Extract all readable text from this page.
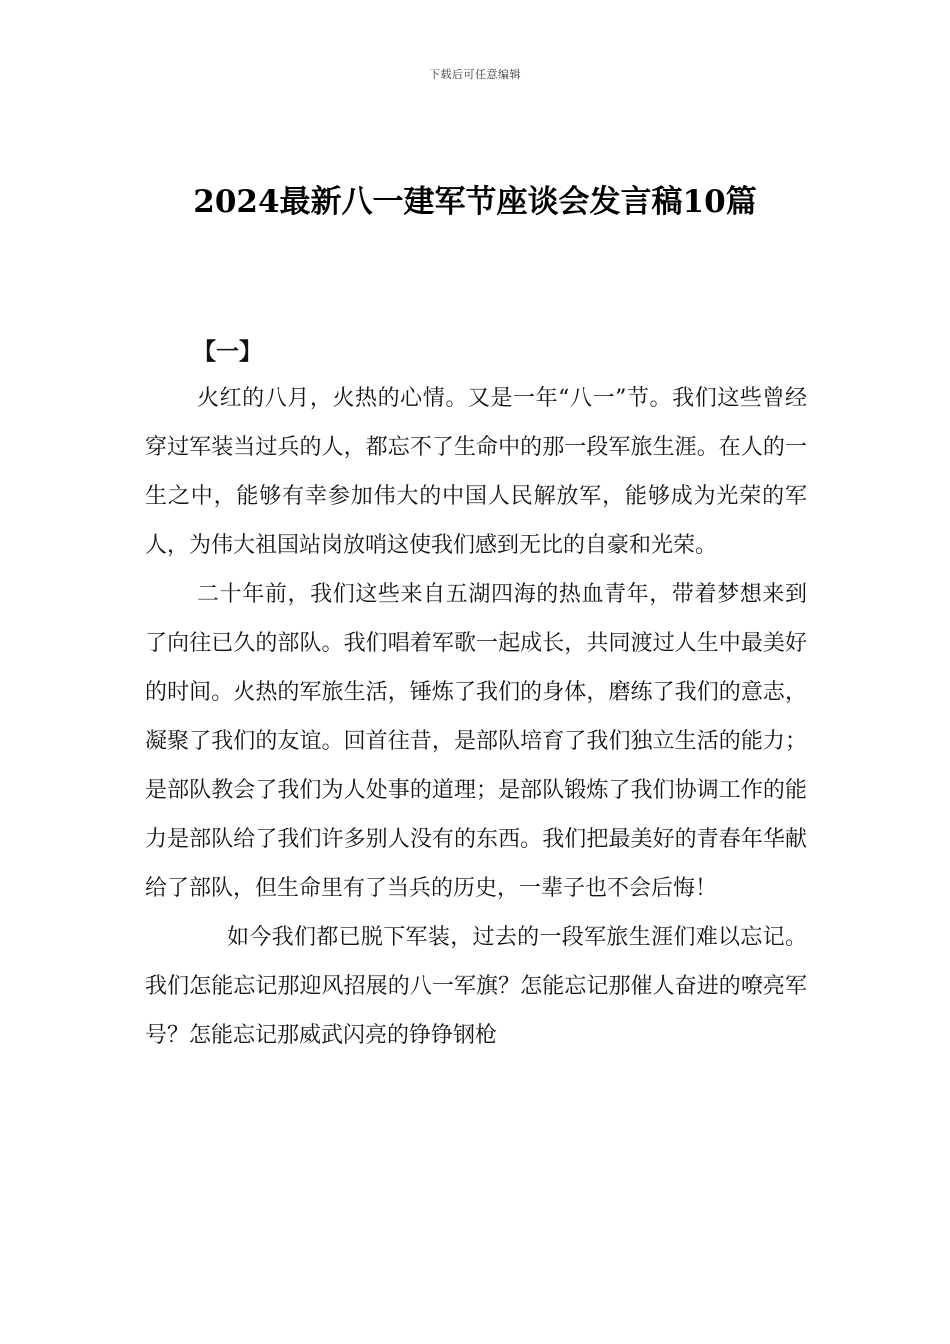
下载后可任意编辑
2024最新八一建军节座谈会发言稿10篇
【一】

火红的八月，火热的心情。又是一年“八一”节。我们这些曾经穿过军装当过兵的人，都忘不了生命中的那一段军旅生涯。在人的一生之中，能够有幸参加伟大的中国人民解放军，能够成为光荣的军人，为伟大祖国站岗放哨这使我们感到无比的自豪和光荣。

二十年前，我们这些来自五湖四海的热血青年，带着梦想来到了向往已久的部队。我们唱着军歌一起成长，共同渡过人生中最美好的时间。火热的军旅生活，锤炼了我们的身体，磨练了我们的意志，凝聚了我们的友谊。回首往昔，是部队培育了我们独立生活的能力；是部队教会了我们为人处事的道理；是部队锻炼了我们协调工作的能力是部队给了我们许多别人没有的东西。我们把最美好的青春年华献给了部队，但生命里有了当兵的历史，一辈子也不会后悔！

如今我们都已脱下军装，过去的一段军旅生涯们难以忘记。我们怎能忘记那迎风招展的八一军旗？怎能忘记那催人奋进的嘹亮军号？怎能忘记那威武闪亮的铮铮钢枪
